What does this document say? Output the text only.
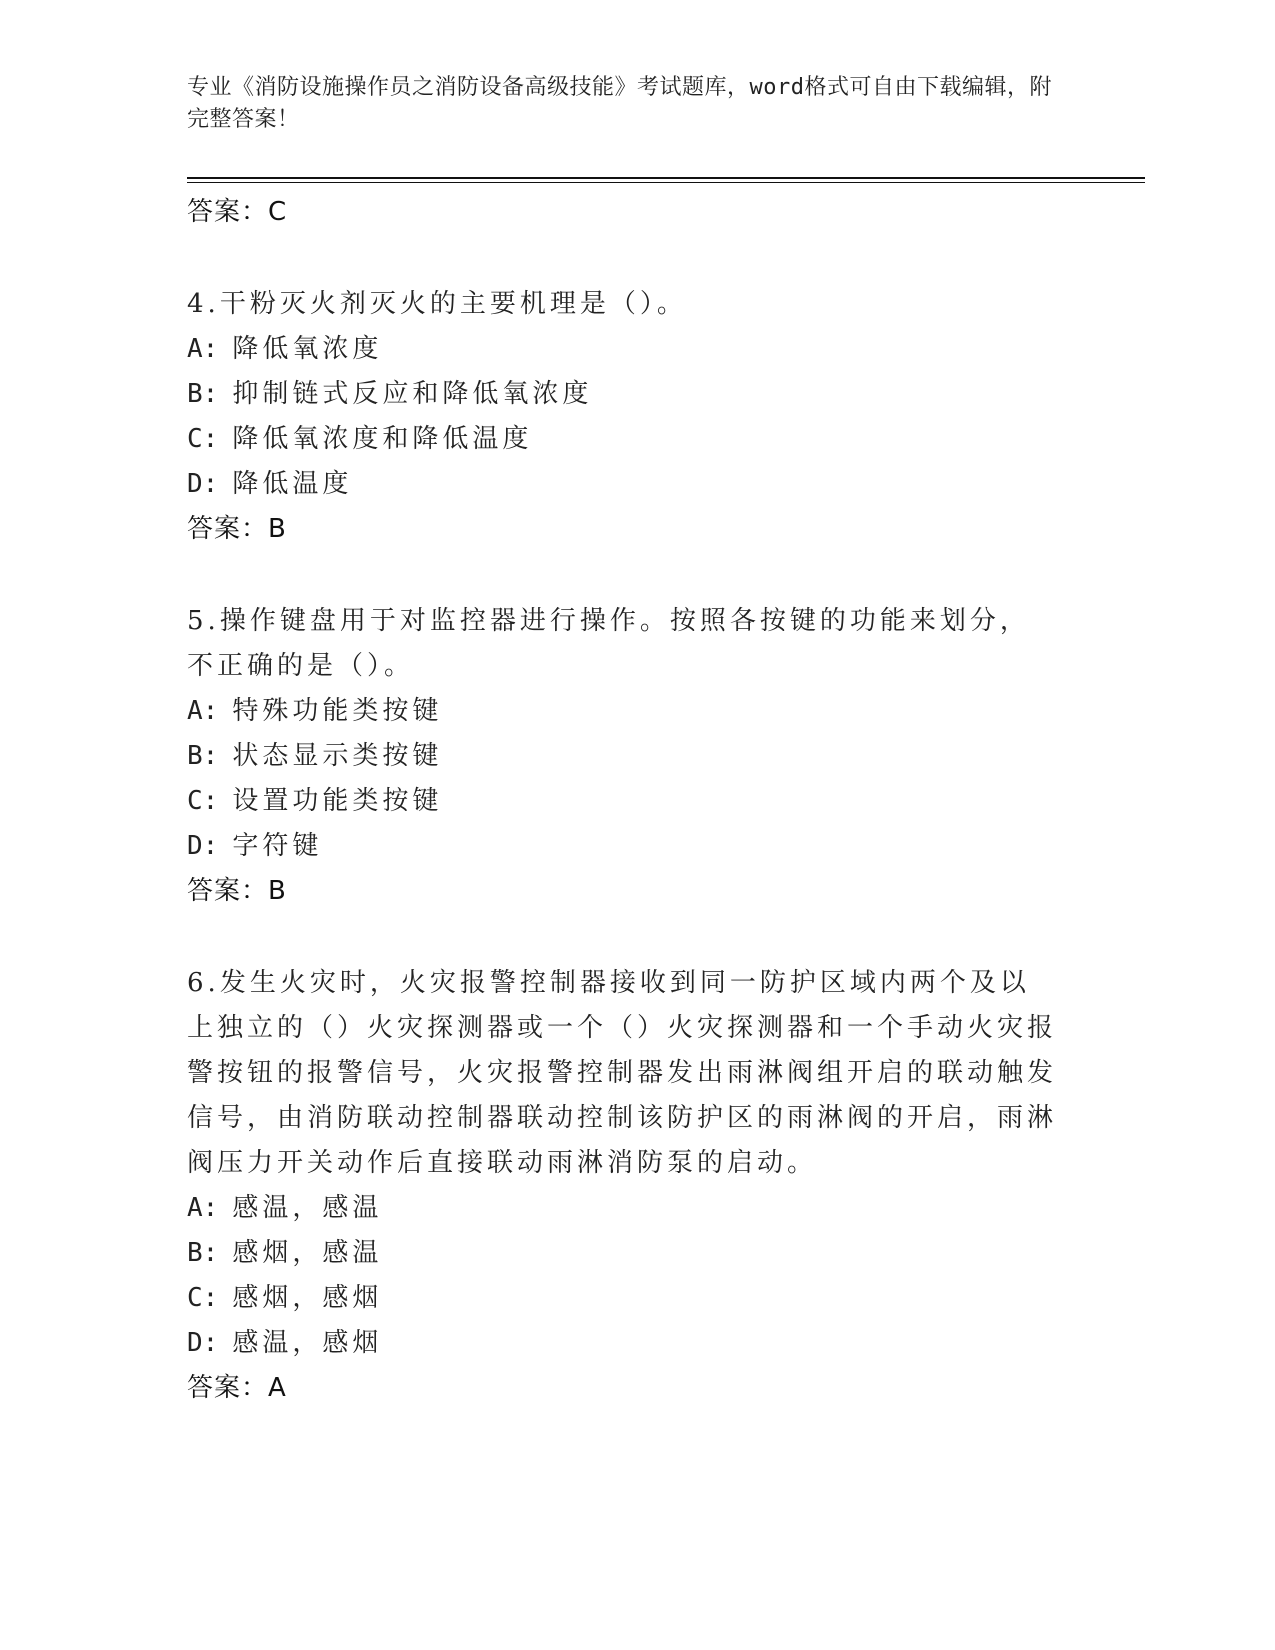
专业《消防设施操作员之消防设备高级技能》考试题库，word格式可自由下载编辑，附完整答案！
答案：C
4.干粉灭火剂灭火的主要机理是（）。
A: 降低氧浓度
B: 抑制链式反应和降低氧浓度
C: 降低氧浓度和降低温度
D: 降低温度
答案：B
5.操作键盘用于对监控器进行操作。按照各按键的功能来划分，不正确的是（）。
A: 特殊功能类按键
B: 状态显示类按键
C: 设置功能类按键
D: 字符键
答案：B
6.发生火灾时，火灾报警控制器接收到同一防护区域内两个及以上独立的（）火灾探测器或一个（）火灾探测器和一个手动火灾报警按钮的报警信号，火灾报警控制器发出雨淋阀组开启的联动触发信号，由消防联动控制器联动控制该防护区的雨淋阀的开启，雨淋阀压力开关动作后直接联动雨淋消防泵的启动。
A: 感温，感温
B: 感烟，感温
C: 感烟，感烟
D: 感温，感烟
答案：A
